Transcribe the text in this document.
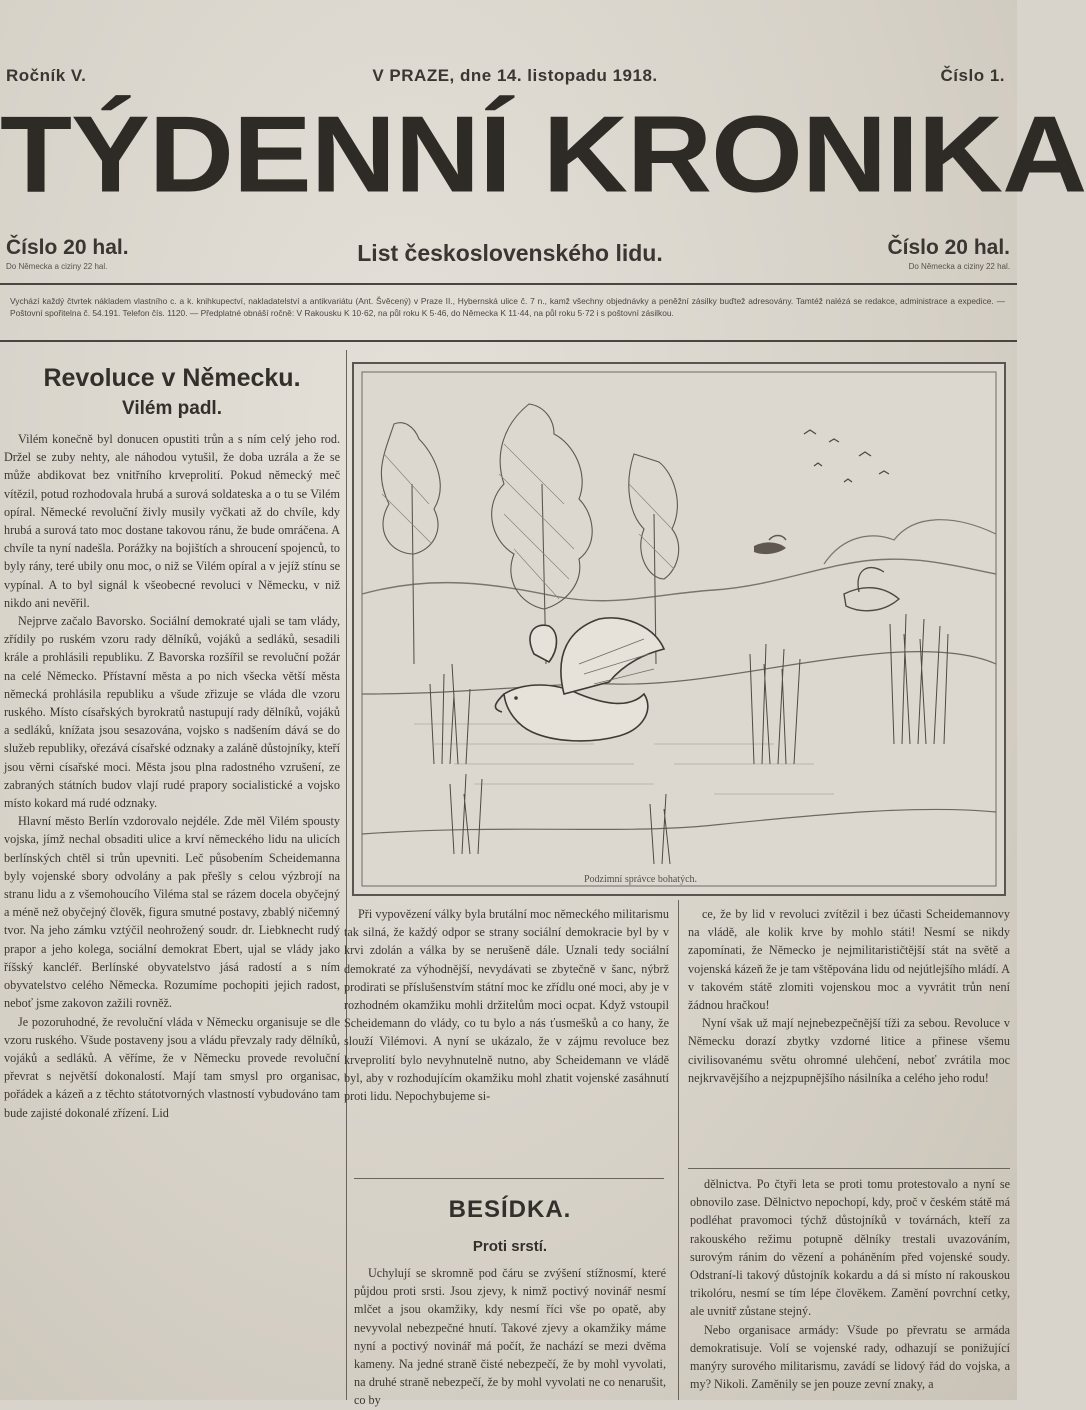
Ročník V.	V PRAZE, dne 14. listopadu 1918.	Číslo 1.
TÝDENNÍ KRONIKA
Číslo 20 hal.
Do Německa a ciziny 22 hal.
List československého lidu.	Číslo 20 hal.
Do Německa a ciziny 22 hal.
Vychází každý čtvrtek nákladem vlastního c. a k. knihkupectví, nakladatelství a antikvariátu (Ant. Švěcený) v Praze II., Hybernská ulice č. 7 n., kamž všechny objednávky a peněžní zásilky buďtež adresovány. Tamtéž nalézá se redakce, administrace a expedice. — Poštovní spořitelna č. 54.191. Telefon čís. 1120. — Předplatné obnáší ročně: V Rakousku K 10·62, na půl roku K 5·46, do Německa K 11·44, na půl roku 5·72 i s poštovní zásilkou.
Revoluce v Německu.
Vilém padl.

Vilém konečně byl donucen opustiti trůn a s ním celý jeho rod. Držel se zuby nehty, ale náhodou vytušil, že doba uzrála a že se může abdikovat bez vnitřního krveprolití. Pokud německý meč vítězil, potud rozhodovala hrubá a surová soldateska a o tu se Vilém opíral. Německé revoluční živly musily vyčkati až do chvíle, kdy hrubá a surová tato moc dostane takovou ránu, že bude omráčena. A chvíle ta nyní nadešla. Porážky na bojištích a shroucení spojenců, to byly rány, teré ubily onu moc, o niž se Vilém opíral a v jejíž stínu se vypínal. A to byl signál k všeobecné revoluci v Německu, v niž nikdo ani nevěřil.

Nejprve začalo Bavorsko. Sociální demokraté ujali se tam vlády, zřídily po ruském vzoru rady dělníků, vojáků a sedláků, sesadili krále a prohlásili republiku. Z Bavorska rozšířil se revoluční požár na celé Německo. Přístavní města a po nich všecka větší města německá prohlásila republiku a všude zřizuje se vláda dle vzoru ruského. Místo císařských byrokratů nastupují rady dělníků, vojáků a sedláků, knížata jsou sesazována, vojsko s nadšením dává se do služeb republiky, ořezává císařské odznaky a zaláně důstojníky, kteří jsou věrni císařské moci. Města jsou plna radostného vzrušení, ze zabraných státních budov vlají rudé prapory socialistické a vojsko místo kokard má rudé odznaky.

Hlavní město Berlín vzdorovalo nejdéle. Zde měl Vilém spousty vojska, jímž nechal obsaditi ulice a krví německého lidu na ulicích berlínských chtěl si trůn upevniti. Leč působením Scheidemanna byly vojenské sbory odvolány a pak přešly s celou výzbrojí na stranu lidu a z všemohoucího Viléma stal se rázem docela obyčejný a méně než obyčejný člověk, figura smutné postavy, zbablý ničemný tvor. Na jeho zámku vztýčil neohrožený soudr. dr. Liebknecht rudý prapor a jeho kolega, sociální demokrat Ebert, ujal se vlády jako říšský kancléř. Berlínské obyvatelstvo jásá radostí a s ním obyvatelstvo celého Německa. Rozumíme pochopiti jejich radost, neboť jsme zakovon zažili rovněž.

Je pozoruhodné, že revoluční vláda v Německu organisuje se dle vzoru ruského. Všude postaveny jsou a vládu převzaly rady dělníků, vojáků a sedláků. A věříme, že v Německu provede revoluční převrat s největší dokonalostí. Mají tam smysl pro organisac, pořádek a kázeň a z těchto státotvorných vlastností vybudováno tam bude zajisté dokonalé zřízení. Lid

Podzimní správce bohatých.

Při vypovězení války byla brutální moc německého militarismu tak silná, že každý odpor se strany sociální demokracie byl by v krvi zdolán a válka by se nerušeně dále. Uznali tedy sociální demokraté za výhodnější, nevydávati se zbytečně v šanc, nýbrž prodirati se příslušenstvím státní moc ke zřídlu oné moci, aby je v rozhodném okamžiku mohli držitelům moci ocpat. Když vstoupil Scheidemann do vlády, co tu bylo a nás ťusmešků a co hany, že slouží Vilémovi. A nyní se ukázalo, že v zájmu revoluce bez krveprolití bylo nevyhnutelně nutno, aby Scheidemann ve vládě byl, aby v rozhodujícím okamžiku mohl zhatit vojenské zasáhnutí proti lidu. Nepochybujeme si-

ce, že by lid v revoluci zvítězil i bez účasti Scheidemannovy na vládě, ale kolik krve by mohlo státi! Nesmí se nikdy zapomínati, že Německo je nejmilitarističtější stát na světě a vojenská kázeň že je tam vštěpována lidu od nejútlejšího mládí. A v takovém státě zlomiti vojenskou moc a vyvrátit trůn není žádnou hračkou!

Nyní však už mají nejnebezpečnější tíži za sebou. Revoluce v Německu dorazí zbytky vzdorné litice a přinese všemu civilisovanému světu ohromné ulehčení, neboť zvrátila moc nejkrvavějšího a nejzpupnějšího násilníka a celého jeho rodu!

BESÍDKA.
Proti srstí.

Uchylují se skromně pod čáru se zvýšení stížnosmí, které půjdou proti srsti. Jsou zjevy, k nimž poctivý novinář nesmí mlčet a jsou okamžiky, kdy nesmí říci vše po opatě, aby nevyvolal nebezpečné hnutí. Takové zjevy a okamžiky máme nyní a poctivý novinář má počít, že nachází se mezi dvěma kameny. Na jedné straně čisté nebezpečí, že by mohl vyvolati, na druhé straně nebezpečí, že by mohl vyvolati ne co nenarušit, co by

dělnictva. Po čtyři leta se proti tomu protestovalo a nyní se obnovilo zase. Dělnictvo nepochopí, kdy, proč v českém státě má podléhat pravomoci týchž důstojníků v továrnách, kteří za rakouského režimu potupně dělníky trestali uvazováním, surovým ránim do vězení a poháněním před vojenské soudy. Odstraní-li takový důstojník kokardu a dá si místo ní rakouskou trikolóru, nesmí se tím lépe člověkem. Zamění povrchní cetky, ale uvnitř zůstane stejný.

Nebo organisace armády: Všude po převratu se armáda demokratisuje. Volí se vojenské rady, odhazují se ponižující manýry surového militarismu, zavádí se lidový řád do vojska, a my? Nikoli. Zaměnily se jen pouze zevní znaky, a
